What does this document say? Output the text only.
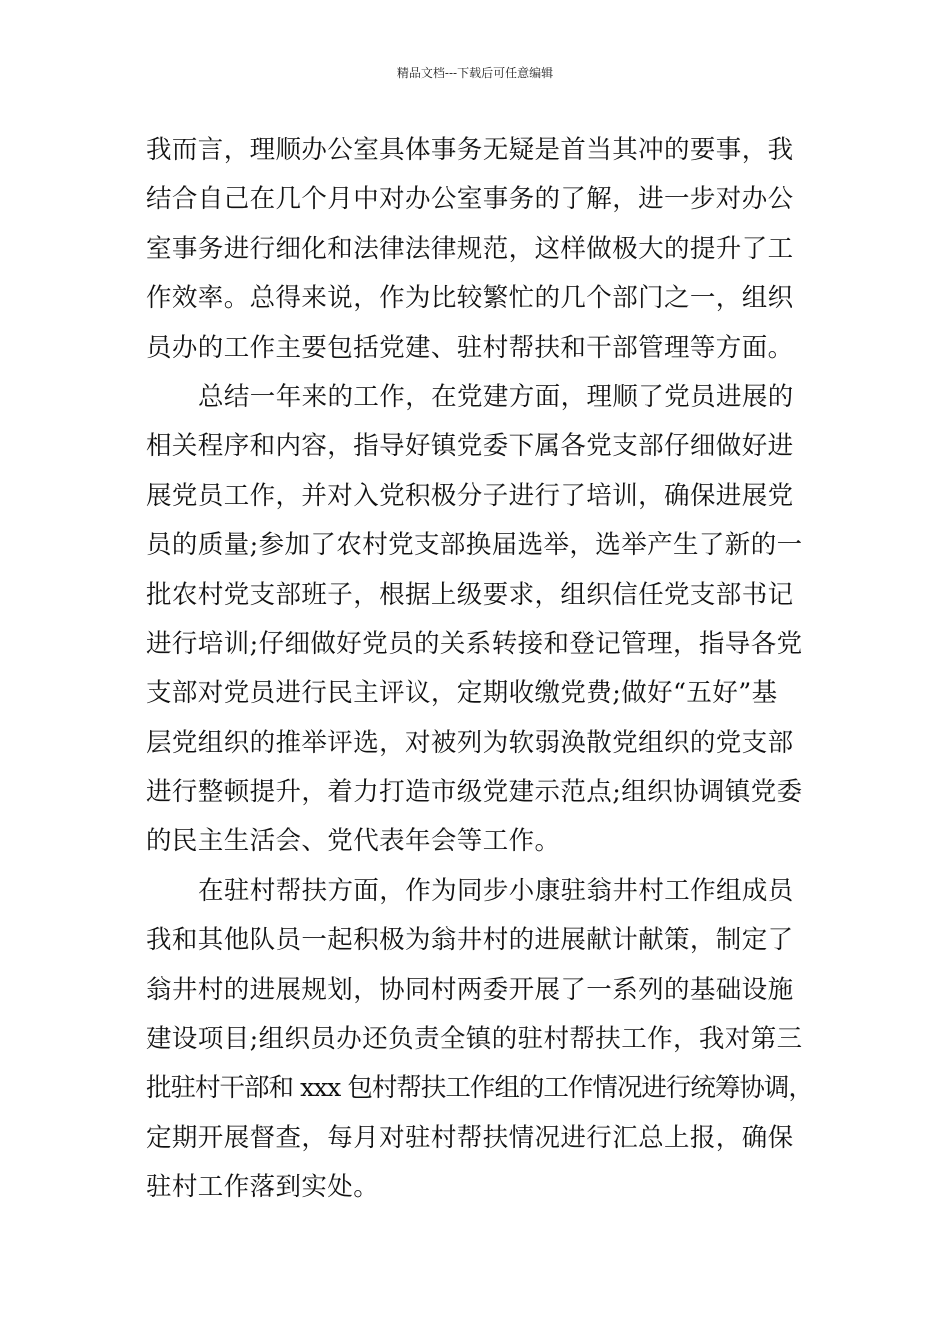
精品文档---下载后可任意编辑
我而言，理顺办公室具体事务无疑是首当其冲的要事，我
结合自己在几个月中对办公室事务的了解，进一步对办公
室事务进行细化和法律法律规范，这样做极大的提升了工
作效率。总得来说，作为比较繁忙的几个部门之一，组织
员办的工作主要包括党建、驻村帮扶和干部管理等方面。
总结一年来的工作，在党建方面，理顺了党员进展的
相关程序和内容，指导好镇党委下属各党支部仔细做好进
展党员工作，并对入党积极分子进行了培训，确保进展党
员的质量;参加了农村党支部换届选举，选举产生了新的一
批农村党支部班子，根据上级要求，组织信任党支部书记
进行培训;仔细做好党员的关系转接和登记管理，指导各党
支部对党员进行民主评议，定期收缴党费;做好“五好”基
层党组织的推举评选，对被列为软弱涣散党组织的党支部
进行整顿提升，着力打造市级党建示范点;组织协调镇党委
的民主生活会、党代表年会等工作。
在驻村帮扶方面，作为同步小康驻翁井村工作组成员
我和其他队员一起积极为翁井村的进展献计献策，制定了
翁井村的进展规划，协同村两委开展了一系列的基础设施
建设项目;组织员办还负责全镇的驻村帮扶工作，我对第三
批驻村干部和 xxx 包村帮扶工作组的工作情况进行统筹协调，
定期开展督查，每月对驻村帮扶情况进行汇总上报，确保
驻村工作落到实处。
